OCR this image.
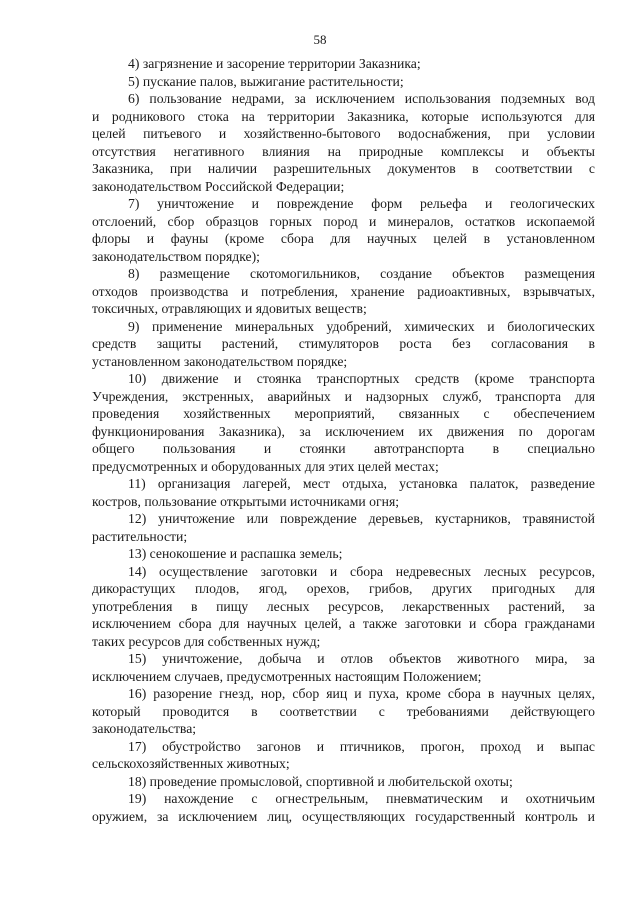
58
4) загрязнение и засорение территории Заказника;
5) пускание палов, выжигание растительности;
6) пользование недрами, за исключением использования подземных вод
и родникового стока на территории Заказника, которые используются для
целей питьевого и хозяйственно-бытового водоснабжения, при условии
отсутствия негативного влияния на природные комплексы и объекты
Заказника, при наличии разрешительных документов в соответствии с
законодательством Российской Федерации;
7) уничтожение и повреждение форм рельефа и геологических
отслоений, сбор образцов горных пород и минералов, остатков ископаемой
флоры и фауны (кроме сбора для научных целей в установленном
законодательством порядке);
8) размещение скотомогильников, создание объектов размещения
отходов производства и потребления, хранение радиоактивных, взрывчатых,
токсичных, отравляющих и ядовитых веществ;
9) применение минеральных удобрений, химических и биологических
средств защиты растений, стимуляторов роста без согласования в
установленном законодательством порядке;
10) движение и стоянка транспортных средств (кроме транспорта
Учреждения, экстренных, аварийных и надзорных служб, транспорта для
проведения хозяйственных мероприятий, связанных с обеспечением
функционирования Заказника), за исключением их движения по дорогам
общего пользования и стоянки автотранспорта в специально
предусмотренных и оборудованных для этих целей местах;
11) организация лагерей, мест отдыха, установка палаток, разведение
костров, пользование открытыми источниками огня;
12) уничтожение или повреждение деревьев, кустарников, травянистой
растительности;
13) сенокошение и распашка земель;
14) осуществление заготовки и сбора недревесных лесных ресурсов,
дикорастущих плодов, ягод, орехов, грибов, других пригодных для
употребления в пищу лесных ресурсов, лекарственных растений, за
исключением сбора для научных целей, а также заготовки и сбора гражданами
таких ресурсов для собственных нужд;
15) уничтожение, добыча и отлов объектов животного мира, за
исключением случаев, предусмотренных настоящим Положением;
16) разорение гнезд, нор, сбор яиц и пуха, кроме сбора в научных целях,
который проводится в соответствии с требованиями действующего
законодательства;
17) обустройство загонов и птичников, прогон, проход и выпас
сельскохозяйственных животных;
18) проведение промысловой, спортивной и любительской охоты;
19) нахождение с огнестрельным, пневматическим и охотничьим
оружием, за исключением лиц, осуществляющих государственный контроль и
